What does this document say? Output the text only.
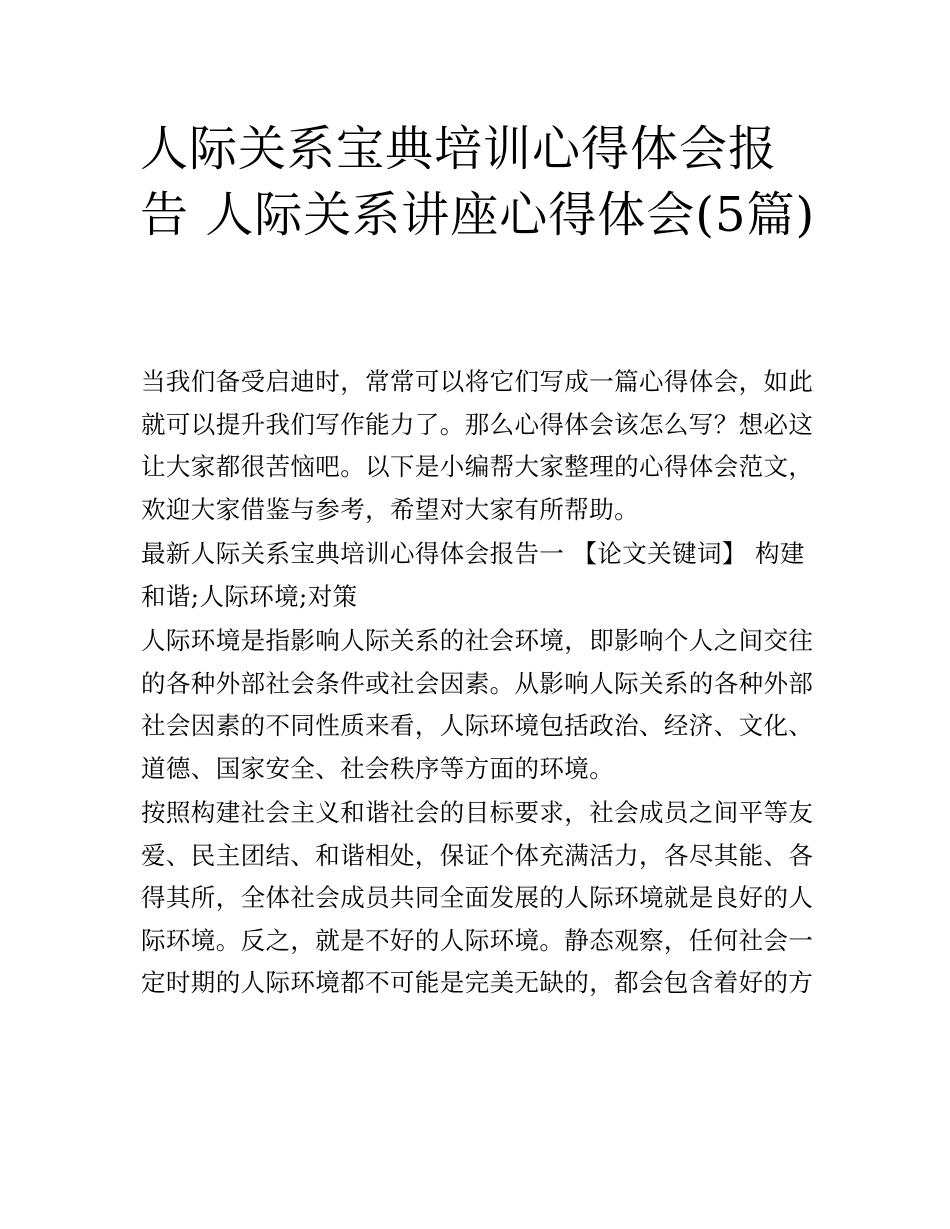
人际关系宝典培训心得体会报告 人际关系讲座心得体会(5篇)

当我们备受启迪时，常常可以将它们写成一篇心得体会，如此就可以提升我们写作能力了。那么心得体会该怎么写？想必这让大家都很苦恼吧。以下是小编帮大家整理的心得体会范文，欢迎大家借鉴与参考，希望对大家有所帮助。

最新人际关系宝典培训心得体会报告一 【论文关键词】 构建和谐;人际环境;对策

人际环境是指影响人际关系的社会环境，即影响个人之间交往的各种外部社会条件或社会因素。从影响人际关系的各种外部社会因素的不同性质来看，人际环境包括政治、经济、文化、道德、国家安全、社会秩序等方面的环境。

按照构建社会主义和谐社会的目标要求，社会成员之间平等友爱、民主团结、和谐相处，保证个体充满活力，各尽其能、各得其所，全体社会成员共同全面发展的人际环境就是良好的人际环境。反之，就是不好的人际环境。静态观察，任何社会一定时期的人际环境都不可能是完美无缺的，都会包含着好的方
